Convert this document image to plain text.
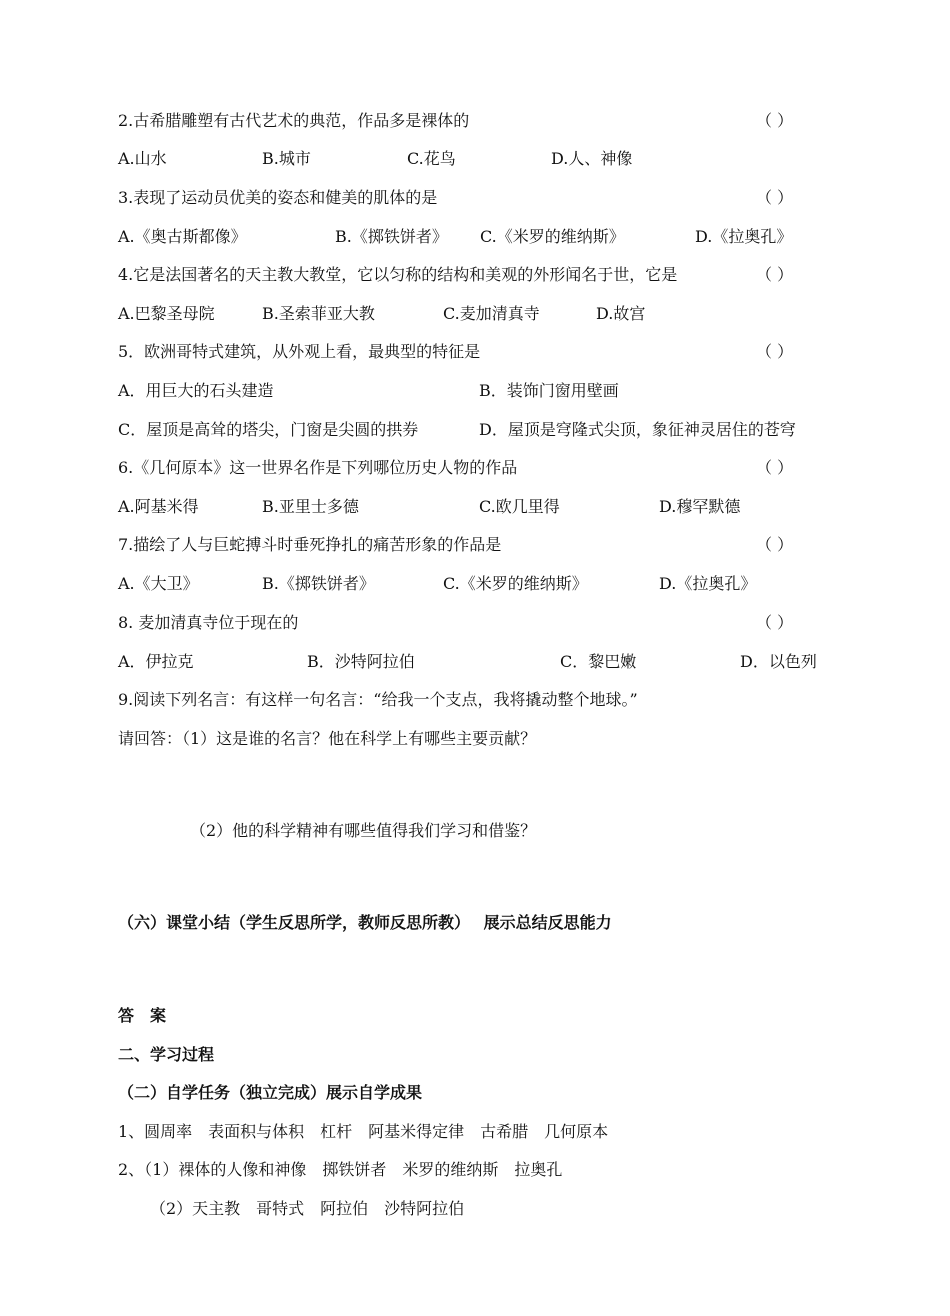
2.古希腊雕塑有古代艺术的典范，作品多是裸体的	（ ）
A.山水	B.城市	C.花鸟	D.人、神像
3.表现了运动员优美的姿态和健美的肌体的是	（ ）
A.《奥古斯都像》	B.《掷铁饼者》 C.《米罗的维纳斯》	D.《拉奥孔》
4.它是法国著名的天主教大教堂，它以匀称的结构和美观的外形闻名于世，它是	（ ）
A.巴黎圣母院	B.圣索菲亚大教	C.麦加清真寺	D.故宫
5．欧洲哥特式建筑，从外观上看，最典型的特征是	（ ）
A．用巨大的石头建造	B．装饰门窗用壁画
C．屋顶是高耸的塔尖，门窗是尖圆的拱券	D．屋顶是穹隆式尖顶，象征神灵居住的苍穹
6.《几何原本》这一世界名作是下列哪位历史人物的作品	（ ）
A.阿基米得	B.亚里士多德	C.欧几里得	D.穆罕默德
7.描绘了人与巨蛇搏斗时垂死挣扎的痛苦形象的作品是	（ ）
A.《大卫》	B.《掷铁饼者》	C.《米罗的维纳斯》	D.《拉奥孔》
8. 麦加清真寺位于现在的	（ ）
A．伊拉克	B．沙特阿拉伯	C．黎巴嫩	D．以色列
9.阅读下列名言：有这样一句名言：“给我一个支点，我将撬动整个地球。”
请回答：（1）这是谁的名言？他在科学上有哪些主要贡献？
（2）他的科学精神有哪些值得我们学习和借鉴？
（六）课堂小结（学生反思所学，教师反思所教）　 展示总结反思能力
答　案
二、学习过程
（二）自学任务（独立完成）展示自学成果
1、圆周率　表面积与体积　杠杆　阿基米得定律　古希腊　几何原本
2、（1）裸体的人像和神像　掷铁饼者　米罗的维纳斯　拉奥孔
（2）天主教　哥特式　阿拉伯　沙特阿拉伯
